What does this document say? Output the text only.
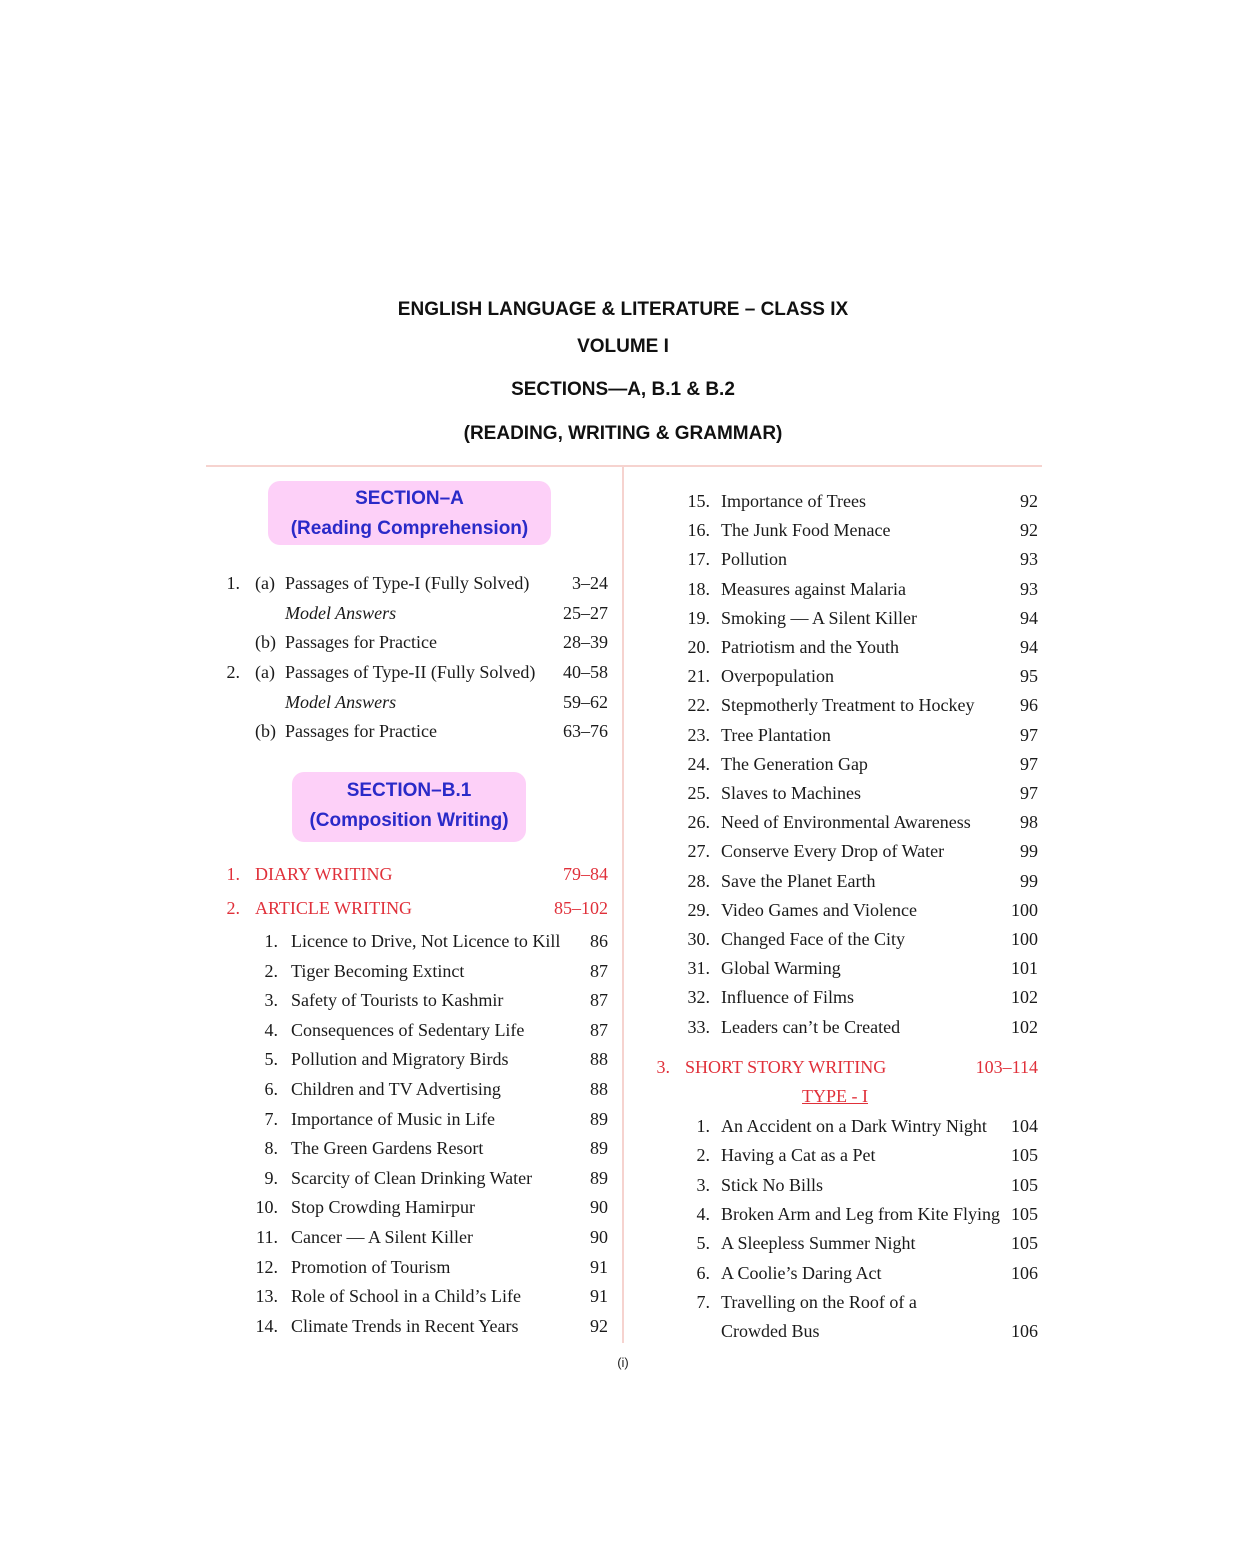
ENGLISH LANGUAGE & LITERATURE – CLASS IX
VOLUME I
SECTIONS—A, B.1 & B.2
(READING, WRITING & GRAMMAR)
SECTION–A
(Reading Comprehension)
1. (a) Passages of Type-I (Fully Solved) 3–24
Model Answers	25–27
(b) Passages for Practice	28–39
2. (a) Passages of Type-II (Fully Solved) 40–58
Model Answers	59–62
(b) Passages for Practice	63–76
SECTION–B.1
(Composition Writing)
1. DIARY WRITING	79–84
2. ARTICLE WRITING	85–102
1. Licence to Drive, Not Licence to Kill 86
2. Tiger Becoming Extinct	87
3. Safety of Tourists to Kashmir	87
4. Consequences of Sedentary Life	87
5. Pollution and Migratory Birds	88
6. Children and TV Advertising	88
7. Importance of Music in Life	89
8. The Green Gardens Resort	89
9. Scarcity of Clean Drinking Water	89
10. Stop Crowding Hamirpur	90
11. Cancer — A Silent Killer	90
12. Promotion of Tourism	91
13. Role of School in a Child’s Life	91
14. Climate Trends in Recent Years	92
15. Importance of Trees	92
16. The Junk Food Menace	92
17. Pollution	93
18. Measures against Malaria	93
19. Smoking — A Silent Killer	94
20. Patriotism and the Youth	94
21. Overpopulation	95
22. Stepmotherly Treatment to Hockey	96
23. Tree Plantation	97
24. The Generation Gap	97
25. Slaves to Machines	97
26. Need of Environmental Awareness	98
27. Conserve Every Drop of Water	99
28. Save the Planet Earth	99
29. Video Games and Violence	100
30. Changed Face of the City	100
31. Global Warming	101
32. Influence of Films	102
33. Leaders can’t be Created	102
3. SHORT STORY WRITING	103–114
TYPE - I
1. An Accident on a Dark Wintry Night 104
2. Having a Cat as a Pet	105
3. Stick No Bills	105
4. Broken Arm and Leg from Kite Flying 105
5. A Sleepless Summer Night	105
6. A Coolie’s Daring Act	106
7. Travelling on the Roof of a
Crowded Bus	106
(i)
